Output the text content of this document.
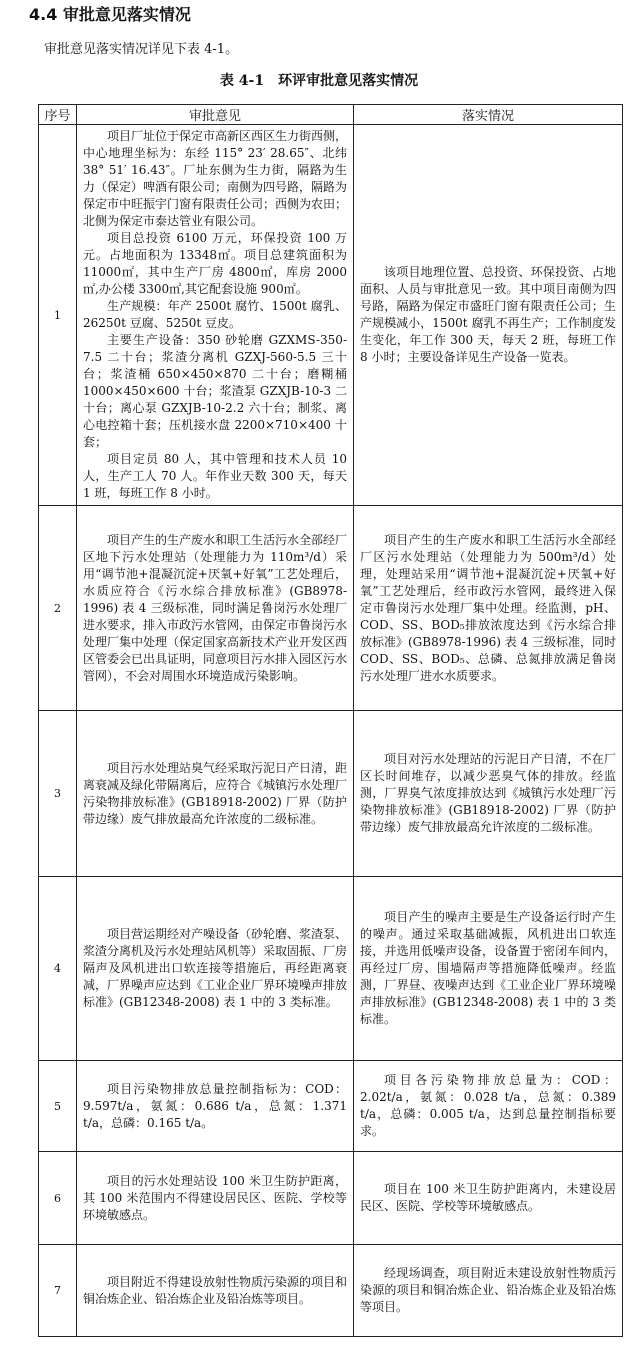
4.4 审批意见落实情况
审批意见落实情况详见下表 4-1。
表 4-1　环评审批意见落实情况
序号	审批意见	落实情况
1	项目厂址位于保定市高新区西区生力街西侧，中心地理坐标为：东经 115° 23′ 28.65″、北纬 38° 51′ 16.43″。厂址东侧为生力街，隔路为生力（保定）啤酒有限公司；南侧为四号路，隔路为保定市中旺振宇门窗有限责任公司；西侧为农田；北侧为保定市泰达管业有限公司。

项目总投资 6100 万元，环保投资 100 万元。占地面积为 13348㎡。项目总建筑面积为 11000㎡，其中生产厂房 4800㎡，库房 2000㎡,办公楼 3300㎡,其它配套设施 900㎡。

生产规模：年产 2500t 腐竹、1500t 腐乳、26250t 豆腐、5250t 豆皮。

主要生产设备：350 砂轮磨 GZXMS-350-7.5 二十台；浆渣分离机 GZXJ-560-5.5 三十台；浆渣桶 650×450×870 二十台；磨糊桶 1000×450×600 十台；浆渣泵 GZXJB-10-3 二十台；离心泵 GZXJB-10-2.2 六十台；制浆、离心电控箱十套；压机接水盘 2200×710×400 十套；

项目定员 80 人，其中管理和技术人员 10 人，生产工人 70 人。年作业天数 300 天，每天 1 班，每班工作 8 小时。	该项目地理位置、总投资、环保投资、占地面积、人员与审批意见一致。其中项目南侧为四号路，隔路为保定市盛旺门窗有限责任公司；生产规模减小，1500t 腐乳不再生产；工作制度发生变化，年工作 300 天，每天 2 班，每班工作 8 小时；主要设备详见生产设备一览表。

2	项目产生的生产废水和职工生活污水全部经厂区地下污水处理站（处理能力为 110m³/d）采用“调节池+混凝沉淀+厌氧+好氧”工艺处理后，水质应符合《污水综合排放标准》(GB8978-1996) 表 4 三级标准，同时满足鲁岗污水处理厂进水要求，排入市政污水管网，由保定市鲁岗污水处理厂集中处理（保定国家高新技术产业开发区西区管委会已出具证明，同意项目污水排入园区污水管网），不会对周围水环境造成污染影响。	项目产生的生产废水和职工生活污水全部经厂区污水处理站（处理能力为 500m³/d）处理，处理站采用“调节池+混凝沉淀+厌氧+好氧”工艺处理后，经市政污水管网，最终进入保定市鲁岗污水处理厂集中处理。经监测，pH、COD、SS、BOD₅排放浓度达到《污水综合排放标准》(GB8978-1996) 表 4 三级标准，同时 COD、SS、BOD₅、总磷、总氮排放满足鲁岗污水处理厂进水水质要求。

3	项目污水处理站臭气经采取污泥日产日清，距离衰减及绿化带隔离后，应符合《城镇污水处理厂污染物排放标准》(GB18918-2002) 厂界（防护带边缘）废气排放最高允许浓度的二级标准。	项目对污水处理站的污泥日产日清，不在厂区长时间堆存，以减少恶臭气体的排放。经监测，厂界臭气浓度排放达到《城镇污水处理厂污染物排放标准》(GB18918-2002) 厂界（防护带边缘）废气排放最高允许浓度的二级标准。

4	项目营运期经对产噪设备（砂轮磨、浆渣泵、浆渣分离机及污水处理站风机等）采取固振、厂房隔声及风机进出口软连接等措施后，再经距离衰减，厂界噪声应达到《工业企业厂界环境噪声排放标准》(GB12348-2008) 表 1 中的 3 类标准。	项目产生的噪声主要是生产设备运行时产生的噪声。通过采取基础减振，风机进出口软连接，并选用低噪声设备，设备置于密闭车间内，再经过厂房、围墙隔声等措施降低噪声。经监测，厂界昼、夜噪声达到《工业企业厂界环境噪声排放标准》(GB12348-2008) 表 1 中的 3 类标准。

5	项目污染物排放总量控制指标为：COD：9.597t/a，氨氮：0.686 t/a，总氮：1.371 t/a，总磷：0.165 t/a。	项目各污染物排放总量为：COD：2.02t/a，氨氮：0.028 t/a，总氮：0.389 t/a，总磷：0.005 t/a，达到总量控制指标要求。

6	项目的污水处理站设 100 米卫生防护距离，其 100 米范围内不得建设居民区、医院、学校等环境敏感点。	项目在 100 米卫生防护距离内，未建设居民区、医院、学校等环境敏感点。

7	项目附近不得建设放射性物质污染源的项目和铜冶炼企业、铅冶炼企业及铅冶炼等项目。	经现场调查，项目附近未建设放射性物质污染源的项目和铜冶炼企业、铅冶炼企业及铅冶炼等项目。
